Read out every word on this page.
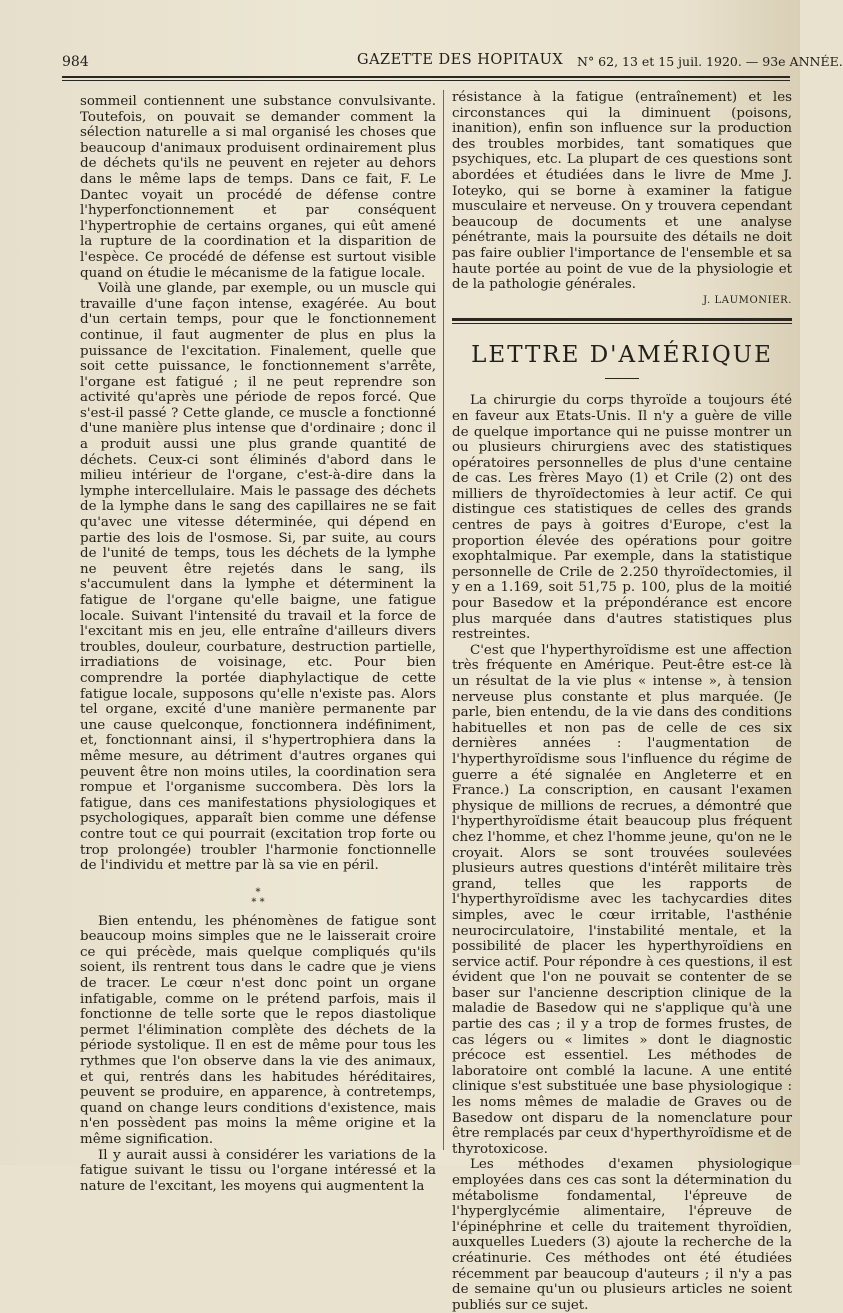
984	GAZETTE DES HOPITAUX N° 62, 13 et 15 juil. 1920. — 93e ANNÉE.

sommeil contiennent une substance convulsivante. Toutefois, on pouvait se demander comment la sélection naturelle a si mal organisé les choses que beaucoup d'animaux produisent ordinairement plus de déchets qu'ils ne peuvent en rejeter au dehors dans le même laps de temps. Dans ce fait, F. Le Dantec voyait un procédé de défense contre l'hyperfonctionnement et par conséquent l'hypertrophie de certains organes, qui eût amené la rupture de la coordination et la disparition de l'espèce. Ce procédé de défense est surtout visible quand on étudie le mécanisme de la fatigue locale.

Voilà une glande, par exemple, ou un muscle qui travaille d'une façon intense, exagérée. Au bout d'un certain temps, pour que le fonctionnement continue, il faut augmenter de plus en plus la puissance de l'excitation. Finalement, quelle que soit cette puissance, le fonctionnement s'arrête, l'organe est fatigué ; il ne peut reprendre son activité qu'après une période de repos forcé. Que s'est-il passé ? Cette glande, ce muscle a fonctionné d'une manière plus intense que d'ordinaire ; donc il a produit aussi une plus grande quantité de déchets. Ceux-ci sont éliminés d'abord dans le milieu intérieur de l'organe, c'est-à-dire dans la lymphe intercellulaire. Mais le passage des déchets de la lymphe dans le sang des capillaires ne se fait qu'avec une vitesse déterminée, qui dépend en partie des lois de l'osmose. Si, par suite, au cours de l'unité de temps, tous les déchets de la lymphe ne peuvent être rejetés dans le sang, ils s'accumulent dans la lymphe et déterminent la fatigue de l'organe qu'elle baigne, une fatigue locale. Suivant l'intensité du travail et la force de l'excitant mis en jeu, elle entraîne d'ailleurs divers troubles, douleur, courbature, destruction partielle, irradiations de voisinage, etc. Pour bien comprendre la portée diaphylactique de cette fatigue locale, supposons qu'elle n'existe pas. Alors tel organe, excité d'une manière permanente par une cause quelconque, fonctionnera indéfiniment, et, fonctionnant ainsi, il s'hypertrophiera dans la même mesure, au détriment d'autres organes qui peuvent être non moins utiles, la coordination sera rompue et l'organisme succombera. Dès lors la fatigue, dans ces manifestations physiologiques et psychologiques, apparaît bien comme une défense contre tout ce qui pourrait (excitation trop forte ou trop prolongée) troubler l'harmonie fonctionnelle de l'individu et mettre par là sa vie en péril.

*
* *

Bien entendu, les phénomènes de fatigue sont beaucoup moins simples que ne le laisserait croire ce qui précède, mais quelque compliqués qu'ils soient, ils rentrent tous dans le cadre que je viens de tracer. Le cœur n'est donc point un organe infatigable, comme on le prétend parfois, mais il fonctionne de telle sorte que le repos diastolique permet l'élimination complète des déchets de la période systolique. Il en est de même pour tous les rythmes que l'on observe dans la vie des animaux, et qui, rentrés dans les habitudes héréditaires, peuvent se produire, en apparence, à contretemps, quand on change leurs conditions d'existence, mais n'en possèdent pas moins la même origine et la même signification.

Il y aurait aussi à considérer les variations de la fatigue suivant le tissu ou l'organe intéressé et la nature de l'excitant, les moyens qui augmentent la

résistance à la fatigue (entraînement) et les circonstances qui la diminuent (poisons, inanition), enfin son influence sur la production des troubles morbides, tant somatiques que psychiques, etc. La plupart de ces questions sont abordées et étudiées dans le livre de Mme J. Ioteyko, qui se borne à examiner la fatigue musculaire et nerveuse. On y trouvera cependant beaucoup de documents et une analyse pénétrante, mais la poursuite des détails ne doit pas faire oublier l'importance de l'ensemble et sa haute portée au point de vue de la physiologie et de la pathologie générales.

J. LAUMONIER.
LETTRE D'AMÉRIQUE

La chirurgie du corps thyroïde a toujours été en faveur aux Etats-Unis. Il n'y a guère de ville de quelque importance qui ne puisse montrer un ou plusieurs chirurgiens avec des statistiques opératoires personnelles de plus d'une centaine de cas. Les frères Mayo (1) et Crile (2) ont des milliers de thyroïdectomies à leur actif. Ce qui distingue ces statistiques de celles des grands centres de pays à goitres d'Europe, c'est la proportion élevée des opérations pour goitre exophtalmique. Par exemple, dans la statistique personnelle de Crile de 2.250 thyroïdectomies, il y en a 1.169, soit 51,75 p. 100, plus de la moitié pour Basedow et la prépondérance est encore plus marquée dans d'autres statistiques plus restreintes.

C'est que l'hyperthyroïdisme est une affection très fréquente en Amérique. Peut-être est-ce là un résultat de la vie plus « intense », à tension nerveuse plus constante et plus marquée. (Je parle, bien entendu, de la vie dans des conditions habituelles et non pas de celle de ces six dernières années : l'augmentation de l'hyperthyroïdisme sous l'influence du régime de guerre a été signalée en Angleterre et en France.) La conscription, en causant l'examen physique de millions de recrues, a démontré que l'hyperthyroïdisme était beaucoup plus fréquent chez l'homme, et chez l'homme jeune, qu'on ne le croyait. Alors se sont trouvées soulevées plusieurs autres questions d'intérêt militaire très grand, telles que les rapports de l'hyperthyroïdisme avec les tachycardies dites simples, avec le cœur irritable, l'asthénie neurocirculatoire, l'instabilité mentale, et la possibilité de placer les hyperthyroïdiens en service actif. Pour répondre à ces questions, il est évident que l'on ne pouvait se contenter de se baser sur l'ancienne description clinique de la maladie de Basedow qui ne s'applique qu'à une partie des cas ; il y a trop de formes frustes, de cas légers ou « limites » dont le diagnostic précoce est essentiel. Les méthodes de laboratoire ont comblé la lacune. A une entité clinique s'est substituée une base physiologique : les noms mêmes de maladie de Graves ou de Basedow ont disparu de la nomenclature pour être remplacés par ceux d'hyperthyroïdisme et de thyrotoxicose.

Les méthodes d'examen physiologique employées dans ces cas sont la détermination du métabolisme fondamental, l'épreuve de l'hyperglycémie alimentaire, l'épreuve de l'épinéphrine et celle du traitement thyroïdien, auxquelles Lueders (3) ajoute la recherche de la créatinurie. Ces méthodes ont été étudiées récemment par beaucoup d'auteurs ; il n'y a pas de semaine qu'un ou plusieurs articles ne soient publiés sur ce sujet.
